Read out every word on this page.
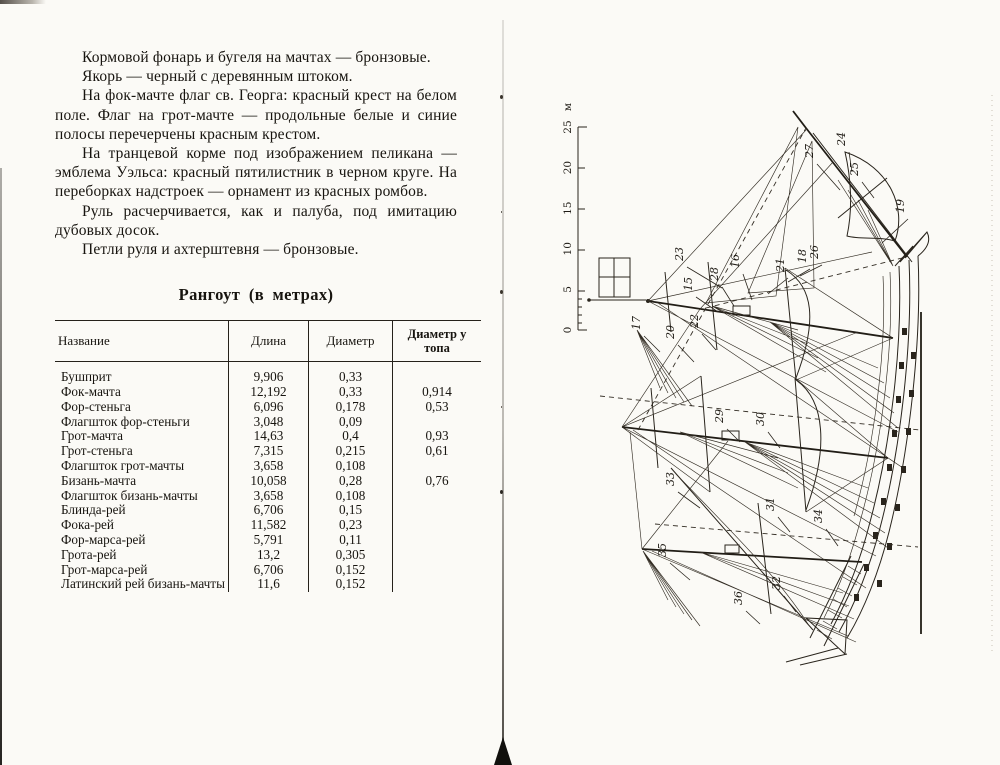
Кормовой фонарь и бугеля на мачтах — бронзовые.

Якорь — черный с деревянным штоком.

На фок-мачте флаг св. Георга: красный крест на белом поле. Флаг на грот-мачте — продольные белые и синие полосы перечерчены красным крестом.

На транцевой корме под изображением пеликана — эмблема Уэльса: красный пятилистник в черном круге. На переборках надстроек — орнамент из красных ромбов.

Руль расчерчивается, как и палуба, под имитацию дубовых досок.

Петли руля и ахтерштевня — бронзовые.

Рангоут (в метрах)
Название	Длина	Диаметр	Диаметр у топа
Бушприт	9,906	0,33	
Фок-мачта	12,192	0,33	0,914
Фор-стеньга	6,096	0,178	0,53
Флагшток фор-стеньги	3,048	0,09	
Грот-мачта	14,63	0,4	0,93
Грот-стеньга	7,315	0,215	0,61
Флагшток грот-мачты	3,658	0,108	
Бизань-мачта	10,058	0,28	0,76
Флагшток бизань-мачты	3,658	0,108	
Блинда-рей	6,706	0,15	
Фока-рей	11,582	0,23	
Фор-марса-рей	5,791	0,11	
Грота-рей	13,2	0,305	
Грот-марса-рей	6,706	0,152	
Латинский рей бизань-мачты	11,6	0,152	
25
20
15
10
5
0
м
27
24
25
19
23	26
18
21
16
15
28
17
20
22
29	30
33
31
34
35
32
36
